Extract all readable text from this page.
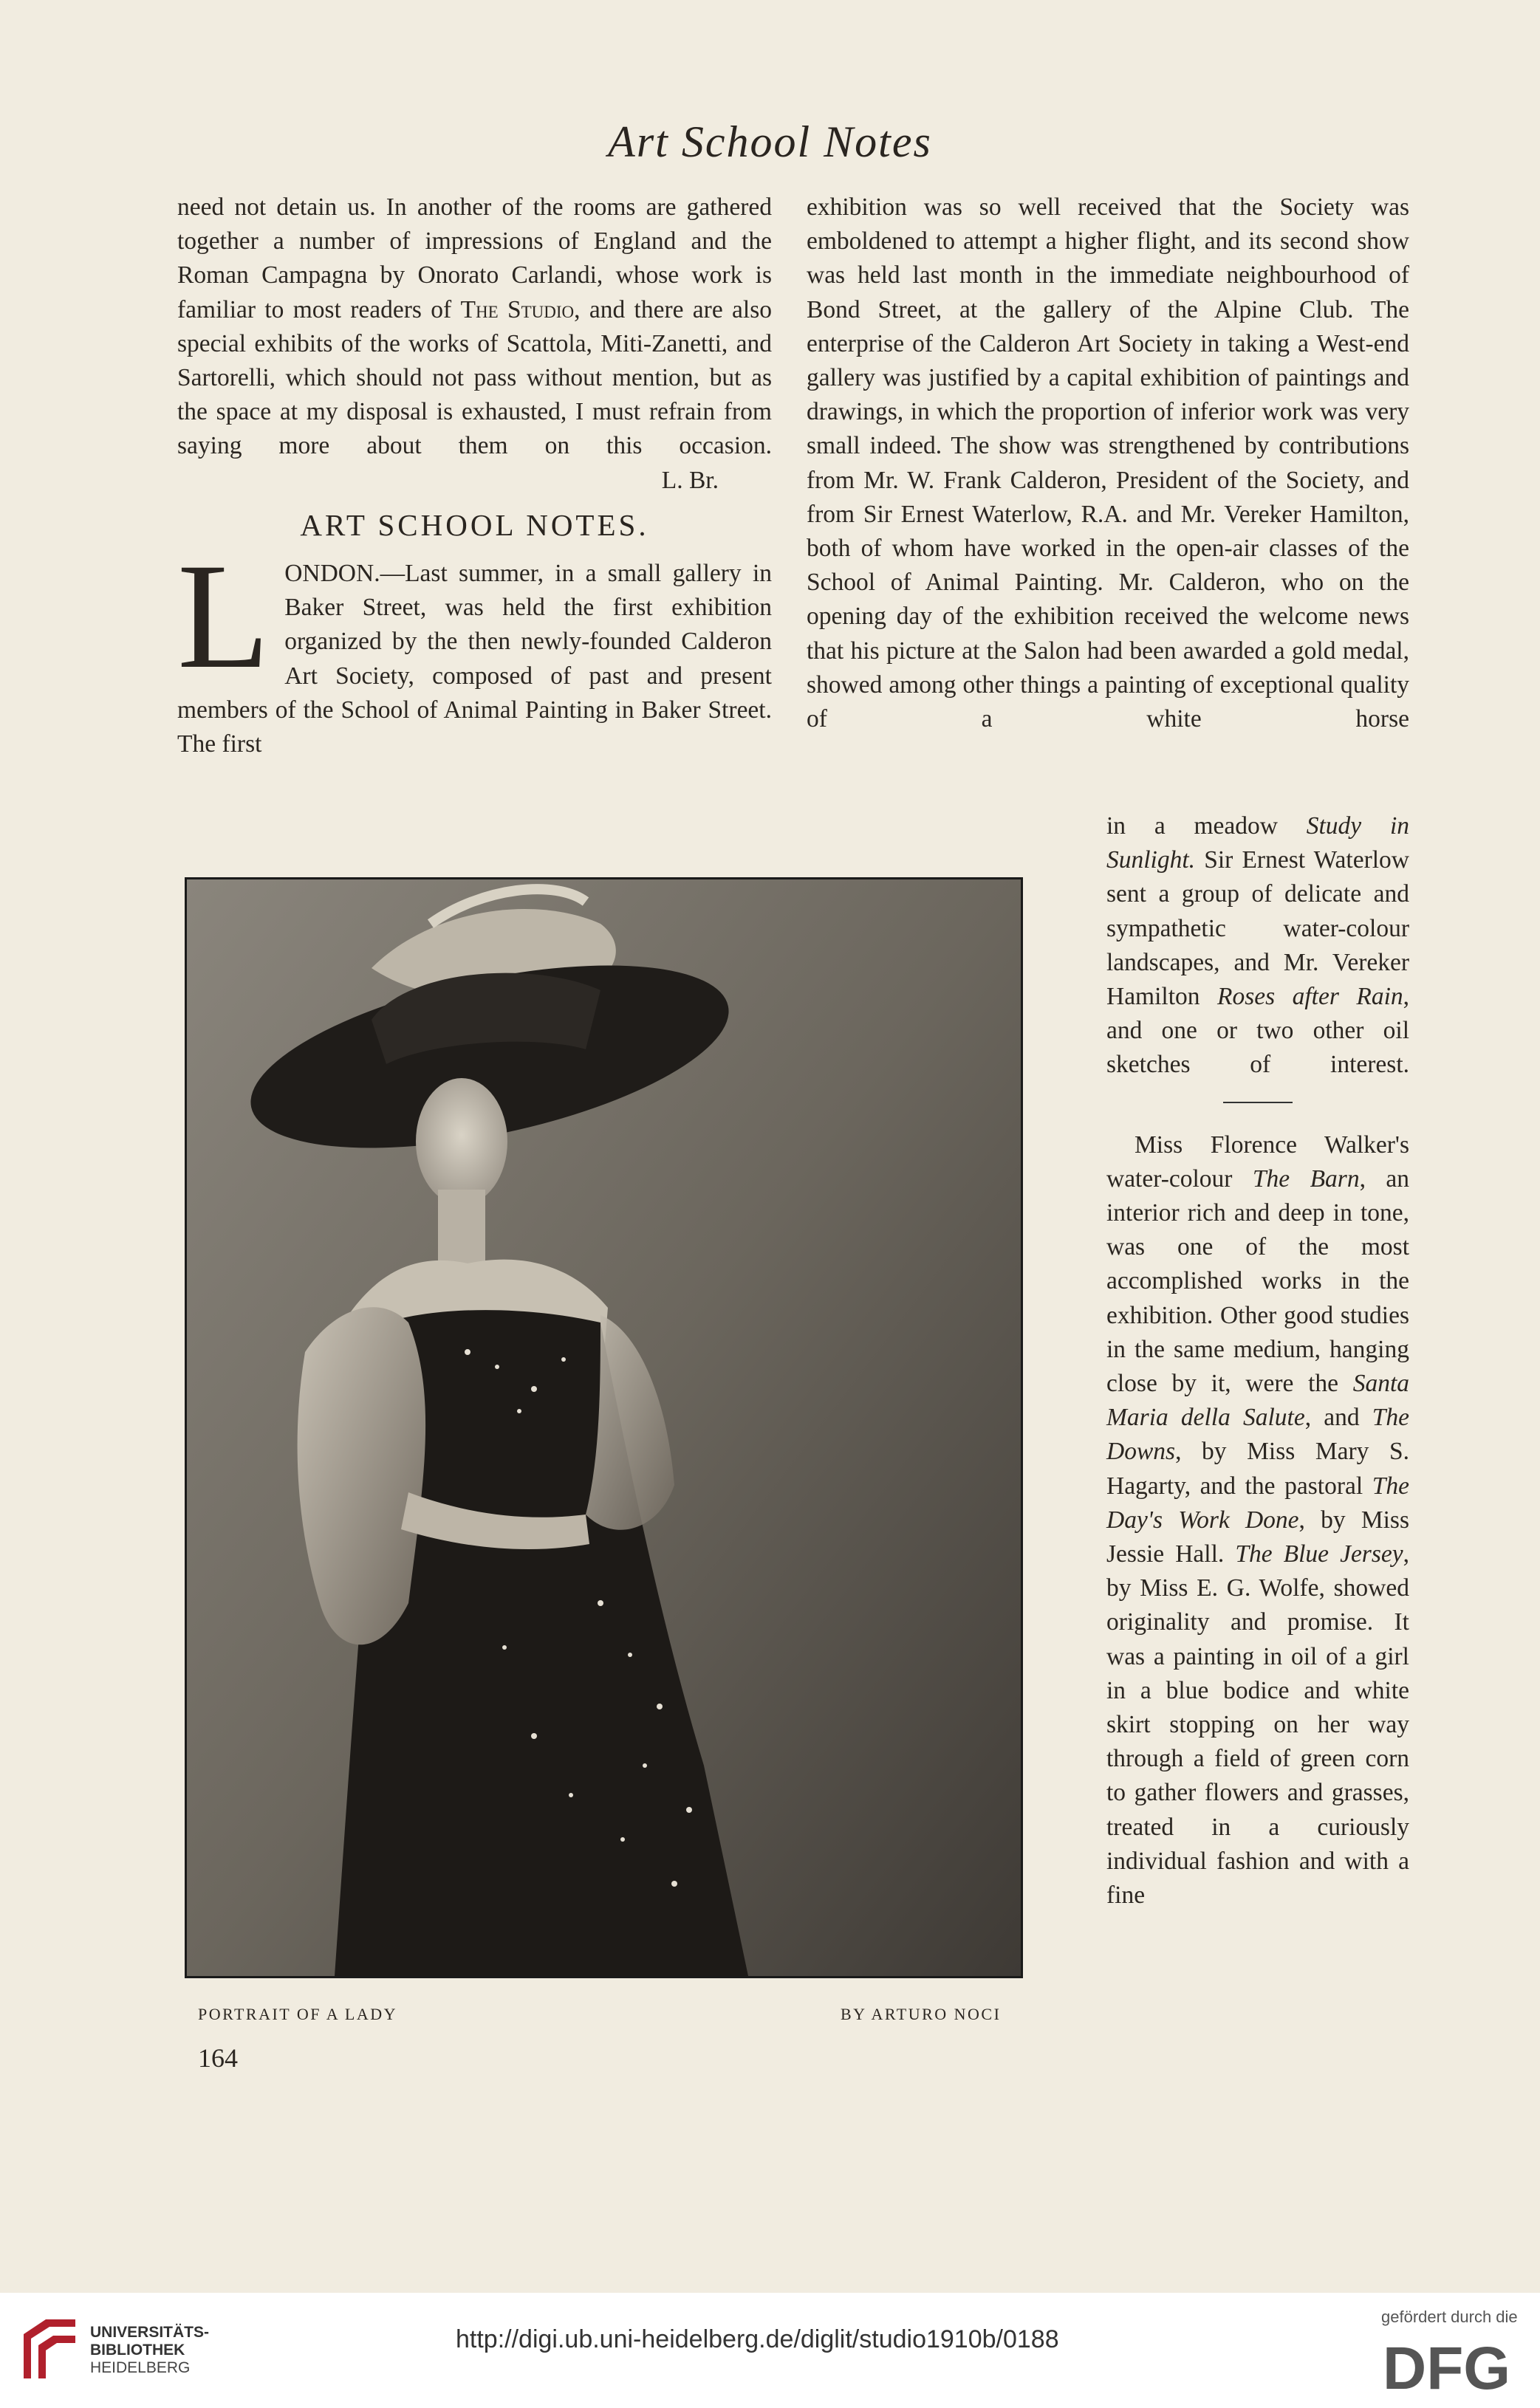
Art School Notes

need not detain us. In another of the rooms are gathered together a number of impressions of England and the Roman Campagna by Onorato Carlandi, whose work is familiar to most readers of The Studio, and there are also special exhibits of the works of Scattola, Miti-Zanetti, and Sartorelli, which should not pass without mention, but as the space at my disposal is exhausted, I must refrain from saying more about them on this occasion.

L. Br.

ART SCHOOL NOTES.

L ONDON.—Last summer, in a small gallery in Baker Street, was held the first exhibition organized by the then newly-founded Calderon Art Society, composed of past and present members of the School of Animal Painting in Baker Street. The first

exhibition was so well received that the Society was emboldened to attempt a higher flight, and its second show was held last month in the immediate neighbourhood of Bond Street, at the gallery of the Alpine Club. The enterprise of the Calderon Art Society in taking a West-end gallery was justified by a capital exhibition of paintings and drawings, in which the proportion of inferior work was very small indeed. The show was strengthened by contributions from Mr. W. Frank Calderon, President of the Society, and from Sir Ernest Waterlow, R.A. and Mr. Vereker Hamilton, both of whom have worked in the open-air classes of the School of Animal Painting. Mr. Calderon, who on the opening day of the exhibition received the welcome news that his picture at the Salon had been awarded a gold medal, showed among other things a painting of exceptional quality of a white horse

in a meadow Study in Sunlight. Sir Ernest Waterlow sent a group of delicate and sympathetic water-colour landscapes, and Mr. Vereker Hamilton Roses after Rain, and one or two other oil sketches of interest.

Miss Florence Walker's water-colour The Barn, an interior rich and deep in tone, was one of the most accomplished works in the exhibition. Other good studies in the same medium, hanging close by it, were the Santa Maria della Salute, and The Downs, by Miss Mary S. Hagarty, and the pastoral The Day's Work Done, by Miss Jessie Hall. The Blue Jersey, by Miss E. G. Wolfe, showed originality and promise. It was a painting in oil of a girl in a blue bodice and white skirt stopping on her way through a field of green corn to gather flowers and grasses, treated in a curiously individual fashion and with a fine

PORTRAIT OF A LADY	BY ARTURO NOCI
164
UNIVERSITÄTS-
BIBLIOTHEK
HEIDELBERG
http://digi.ub.uni-heidelberg.de/diglit/studio1910b/0188
gefördert durch die
DFG
